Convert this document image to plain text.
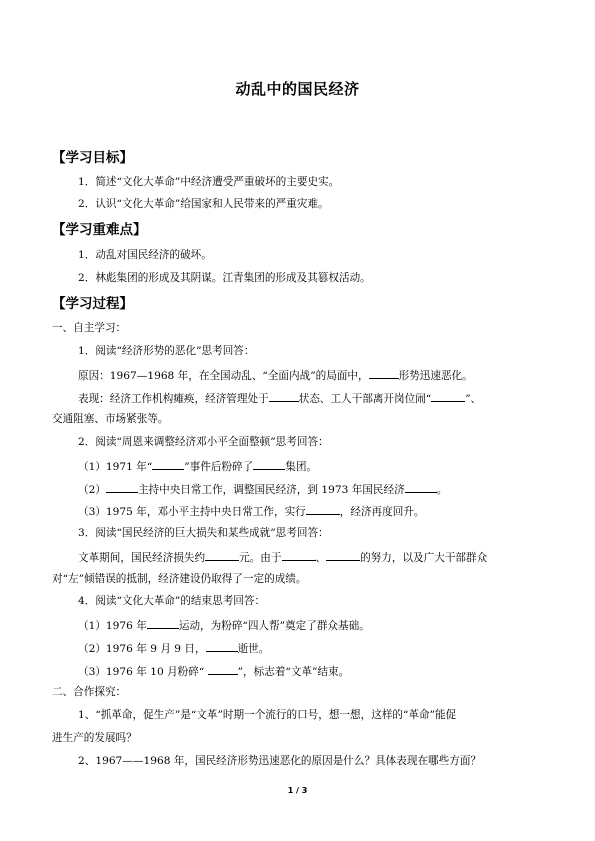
动乱中的国民经济
【学习目标】
1．简述“文化大革命”中经济遭受严重破坏的主要史实。
2．认识“文化大革命”给国家和人民带来的严重灾难。
【学习重难点】
1．动乱对国民经济的破坏。
2．林彪集团的形成及其阴谋。江青集团的形成及其篡权活动。
【学习过程】
一、自主学习：
1．阅读“经济形势的恶化”思考回答：
原因：1967—1968 年，在全国动乱、“全面内战”的局面中，	形势迅速恶化。
表现：经济工作机构瘫痪，经济管理处于	状态、工人干部离开岗位闹“	”、
交通阻塞、市场紧张等。
2．阅读“周恩来调整经济邓小平全面整顿”思考回答：
（1）1971 年“	”事件后粉碎了	集团。
（2）	主持中央日常工作，调整国民经济，到 1973 年国民经济	。
（3）1975 年，邓小平主持中央日常工作，实行	，经济再度回升。
3．阅读“国民经济的巨大损失和某些成就”思考回答：
文革期间，国民经济损失约	元。由于	、	的努力，以及广大干部群众
对“左”倾错误的抵制，经济建设仍取得了一定的成绩。
4．阅读“文化大革命”的结束思考回答：
（1）1976 年	运动，为粉碎“四人帮”奠定了群众基础。
（2）1976 年 9 月 9 日，	逝世。
（3）1976 年 10 月粉碎“	”，标志着“文革”结束。
二、合作探究：
1、“抓革命，促生产”是“文革”时期一个流行的口号，想一想，这样的“革命”能促
进生产的发展吗？
2、1967——1968 年，国民经济形势迅速恶化的原因是什么？具体表现在哪些方面？
1 / 3
